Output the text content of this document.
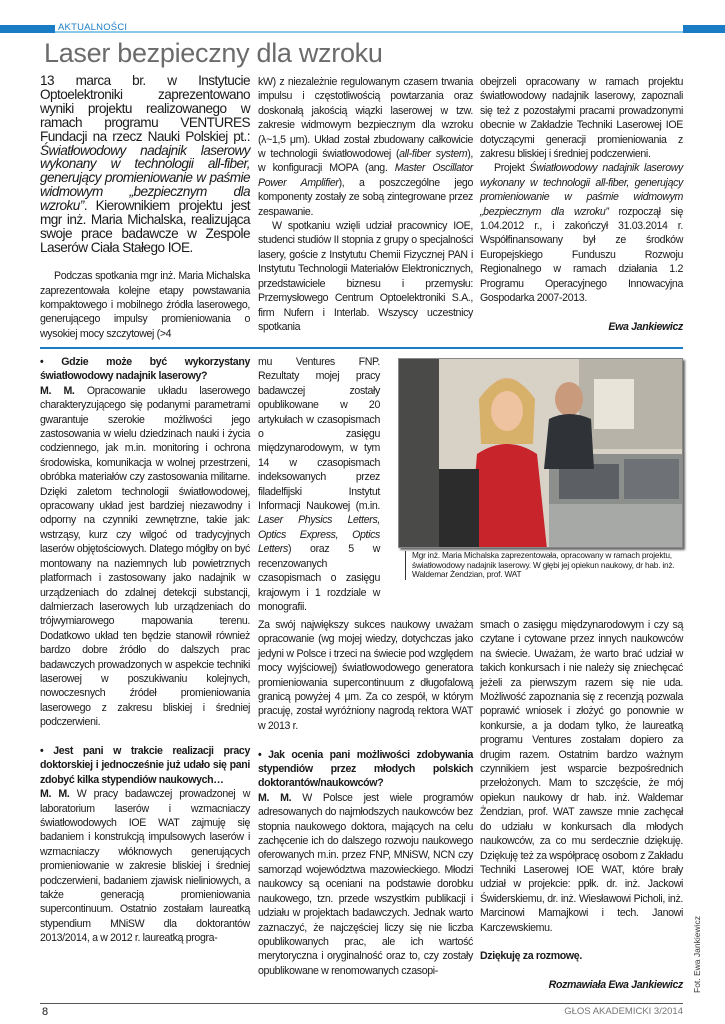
AKTUALNOŚCI
Laser bezpieczny dla wzroku

13 marca br. w Instytucie Optoelektroniki zaprezentowano wyniki projektu realizowanego w ramach programu VENTURES Fundacji na rzecz Nauki Polskiej pt.: Światłowodowy nadajnik laserowy wykonany w technologii all-fiber, generujący promieniowanie w paśmie widmowym „bezpiecznym dla wzroku”. Kierownikiem projektu jest mgr inż. Maria Michalska, realizująca swoje prace badawcze w Zespole Laserów Ciała Stałego IOE.

Podczas spotkania mgr inż. Maria Michalska zaprezentowała kolejne etapy powstawania kompaktowego i mobilnego źródła laserowego, generującego impulsy promieniowania o wysokiej mocy szczytowej (>4

kW) z niezależnie regulowanym czasem trwania impulsu i częstotliwością powtarzania oraz doskonałą jakością wiązki laserowej w tzw. zakresie widmowym bezpiecznym dla wzroku (λ~1,5 μm). Układ został zbudowany całkowicie w technologii światłowodowej (all-fiber system), w konfiguracji MOPA (ang. Master Oscillator Power Amplifier), a poszczególne jego komponenty zostały ze sobą zintegrowane przez zespawanie.

W spotkaniu wzięli udział pracownicy IOE, studenci studiów II stopnia z grupy o specjalności lasery, goście z Instytutu Chemii Fizycznej PAN i Instytutu Technologii Materiałów Elektronicznych, przedstawiciele biznesu i przemysłu: Przemysłowego Centrum Optoelektroniki S.A., firm Nufern i Interlab. Wszyscy uczestnicy spotkania

obejrzeli opracowany w ramach projektu światłowodowy nadajnik laserowy, zapoznali się też z pozostałymi pracami prowadzonymi obecnie w Zakładzie Techniki Laserowej IOE dotyczącymi generacji promieniowania z zakresu bliskiej i średniej podczerwieni.

Projekt Światłowodowy nadajnik laserowy wykonany w technologii all-fiber, generujący promieniowanie w paśmie widmowym „bezpiecznym dla wzroku” rozpoczął się 1.04.2012 r., i zakończył 31.03.2014 r. Współfinansowany był ze środków Europejskiego Funduszu Rozwoju Regionalnego w ramach działania 1.2 Programu Operacyjnego Innowacyjna Gospodarka 2007-2013.

Ewa Jankiewicz

• Gdzie może być wykorzystany światłowodowy nadajnik laserowy?

M. M. Opracowanie układu laserowego charakteryzującego się podanymi parametrami gwarantuje szerokie możliwości jego zastosowania w wielu dziedzinach nauki i życia codziennego, jak m.in. monitoring i ochrona środowiska, komunikacja w wolnej przestrzeni, obróbka materiałów czy zastosowania militarne. Dzięki zaletom technologii światłowodowej, opracowany układ jest bardziej niezawodny i odporny na czynniki zewnętrzne, takie jak: wstrząsy, kurz czy wilgoć od tradycyjnych laserów objętościowych. Dlatego mógłby on być montowany na naziemnych lub powietrznych platformach i zastosowany jako nadajnik w urządzeniach do zdalnej detekcji substancji, dalmierzach laserowych lub urządzeniach do trójwymiarowego mapowania terenu. Dodatkowo układ ten będzie stanowił również bardzo dobre źródło do dalszych prac badawczych prowadzonych w aspekcie techniki laserowej w poszukiwaniu kolejnych, nowoczesnych źródeł promieniowania laserowego z zakresu bliskiej i średniej podczerwieni.

• Jest pani w trakcie realizacji pracy doktorskiej i jednocześnie już udało się pani zdobyć kilka stypendiów naukowych…

M. M. W pracy badawczej prowadzonej w laboratorium laserów i wzmacniaczy światłowodowych IOE WAT zajmuję się badaniem i konstrukcją impulsowych laserów i wzmacniaczy włóknowych generujących promieniowanie w zakresie bliskiej i średniej podczerwieni, badaniem zjawisk nieliniowych, a także generacją promieniowania supercontinuum. Ostatnio zostałam laureatką stypendium MNiSW dla doktorantów 2013/2014, a w 2012 r. laureatką progra-

mu Ventures FNP. Rezultaty mojej pracy badawczej zostały opublikowane w 20 artykułach w czasopismach o zasięgu międzynarodowym, w tym 14 w czasopismach indeksowanych przez filadelfijski Instytut Informacji Naukowej (m.in. Laser Physics Letters, Optics Express, Optics Letters) oraz 5 w recenzowanych czasopismach o zasięgu krajowym i 1 rozdziale w monografii.

Za swój największy sukces naukowy uważam opracowanie (wg mojej wiedzy, dotychczas jako jedyni w Polsce i trzeci na świecie pod względem mocy wyjściowej) światłowodowego generatora promieniowania supercontinuum z długofalową granicą powyżej 4 μm. Za co zespół, w którym pracuję, został wyróżniony nagrodą rektora WAT w 2013 r.

• Jak ocenia pani możliwości zdobywania stypendiów przez młodych polskich doktorantów/naukowców?

M. M. W Polsce jest wiele programów adresowanych do najmłodszych naukowców bez stopnia naukowego doktora, mających na celu zachęcenie ich do dalszego rozwoju naukowego oferowanych m.in. przez FNP, MNiSW, NCN czy samorząd województwa mazowieckiego. Młodzi naukowcy są oceniani na podstawie dorobku naukowego, tzn. przede wszystkim publikacji i udziału w projektach badawczych. Jednak warto zaznaczyć, że najczęściej liczy się nie liczba opublikowanych prac, ale ich wartość merytoryczna i oryginalność oraz to, czy zostały opublikowane w renomowanych czasopi-

smach o zasięgu międzynarodowym i czy są czytane i cytowane przez innych naukowców na świecie. Uważam, że warto brać udział w takich konkursach i nie należy się zniechęcać jeżeli za pierwszym razem się nie uda. Możliwość zapoznania się z recenzją pozwala poprawić wniosek i złożyć go ponownie w konkursie, a ja dodam tylko, że laureatką programu Ventures zostałam dopiero za drugim razem. Ostatnim bardzo ważnym czynnikiem jest wsparcie bezpośrednich przełożonych. Mam to szczęście, że mój opiekun naukowy dr hab. inż. Waldemar Żendzian, prof. WAT zawsze mnie zachęcał do udziału w konkursach dla młodych naukowców, za co mu serdecznie dziękuję. Dziękuję też za współpracę osobom z Zakładu Techniki Laserowej IOE WAT, które brały udział w projekcie: ppłk. dr. inż. Jackowi Świderskiemu, dr. inż. Wiesławowi Picholi, inż. Marcinowi Mamajkowi i tech. Janowi Karczewskiemu.

Dziękuję za rozmowę.

Rozmawiała Ewa Jankiewicz

Mgr inż. Maria Michalska zaprezentowała, opracowany w ramach projektu, światłowodowy nadajnik laserowy. W głębi jej opiekun naukowy, dr hab. inż. Waldemar Żendzian, prof. WAT
Fot. Ewa Jankiewicz
8	GŁOS AKADEMICKI 3/2014
